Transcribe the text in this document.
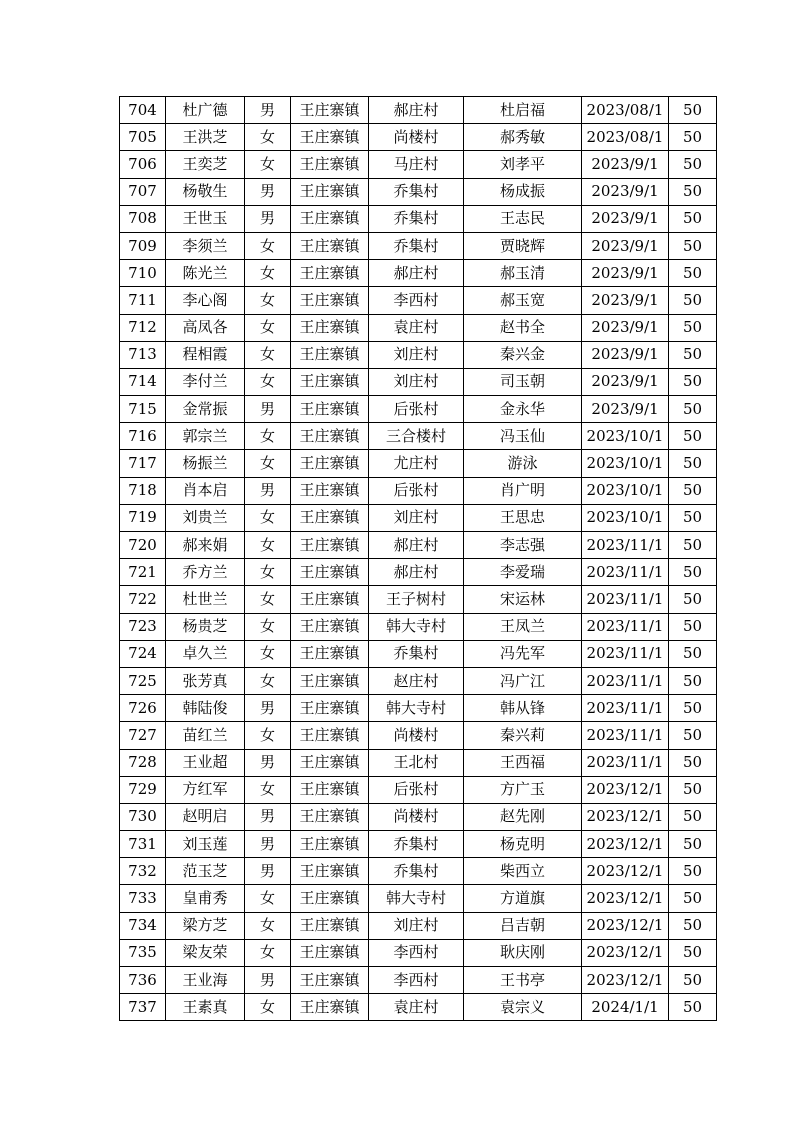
704	杜广德	男	王庄寨镇	郝庄村	杜启福	2023/08/1	50
705	王洪芝	女	王庄寨镇	尚楼村	郝秀敏	2023/08/1	50
706	王奕芝	女	王庄寨镇	马庄村	刘孝平	2023/9/1	50
707	杨敬生	男	王庄寨镇	乔集村	杨成振	2023/9/1	50
708	王世玉	男	王庄寨镇	乔集村	王志民	2023/9/1	50
709	李须兰	女	王庄寨镇	乔集村	贾晓辉	2023/9/1	50
710	陈光兰	女	王庄寨镇	郝庄村	郝玉清	2023/9/1	50
711	李心阁	女	王庄寨镇	李西村	郝玉宽	2023/9/1	50
712	高凤各	女	王庄寨镇	袁庄村	赵书全	2023/9/1	50
713	程相霞	女	王庄寨镇	刘庄村	秦兴金	2023/9/1	50
714	李付兰	女	王庄寨镇	刘庄村	司玉朝	2023/9/1	50
715	金常振	男	王庄寨镇	后张村	金永华	2023/9/1	50
716	郭宗兰	女	王庄寨镇	三合楼村	冯玉仙	2023/10/1	50
717	杨振兰	女	王庄寨镇	尤庄村	游泳	2023/10/1	50
718	肖本启	男	王庄寨镇	后张村	肖广明	2023/10/1	50
719	刘贵兰	女	王庄寨镇	刘庄村	王思忠	2023/10/1	50
720	郝来娟	女	王庄寨镇	郝庄村	李志强	2023/11/1	50
721	乔方兰	女	王庄寨镇	郝庄村	李爱瑞	2023/11/1	50
722	杜世兰	女	王庄寨镇	王子树村	宋运林	2023/11/1	50
723	杨贵芝	女	王庄寨镇	韩大寺村	王凤兰	2023/11/1	50
724	卓久兰	女	王庄寨镇	乔集村	冯先军	2023/11/1	50
725	张芳真	女	王庄寨镇	赵庄村	冯广江	2023/11/1	50
726	韩陆俊	男	王庄寨镇	韩大寺村	韩从锋	2023/11/1	50
727	苗红兰	女	王庄寨镇	尚楼村	秦兴莉	2023/11/1	50
728	王业超	男	王庄寨镇	王北村	王西福	2023/11/1	50
729	方红军	女	王庄寨镇	后张村	方广玉	2023/12/1	50
730	赵明启	男	王庄寨镇	尚楼村	赵先刚	2023/12/1	50
731	刘玉莲	男	王庄寨镇	乔集村	杨克明	2023/12/1	50
732	范玉芝	男	王庄寨镇	乔集村	柴西立	2023/12/1	50
733	皇甫秀	女	王庄寨镇	韩大寺村	方道旗	2023/12/1	50
734	梁方芝	女	王庄寨镇	刘庄村	吕吉朝	2023/12/1	50
735	梁友荣	女	王庄寨镇	李西村	耿庆刚	2023/12/1	50
736	王业海	男	王庄寨镇	李西村	王书亭	2023/12/1	50
737	王素真	女	王庄寨镇	袁庄村	袁宗义	2024/1/1	50
